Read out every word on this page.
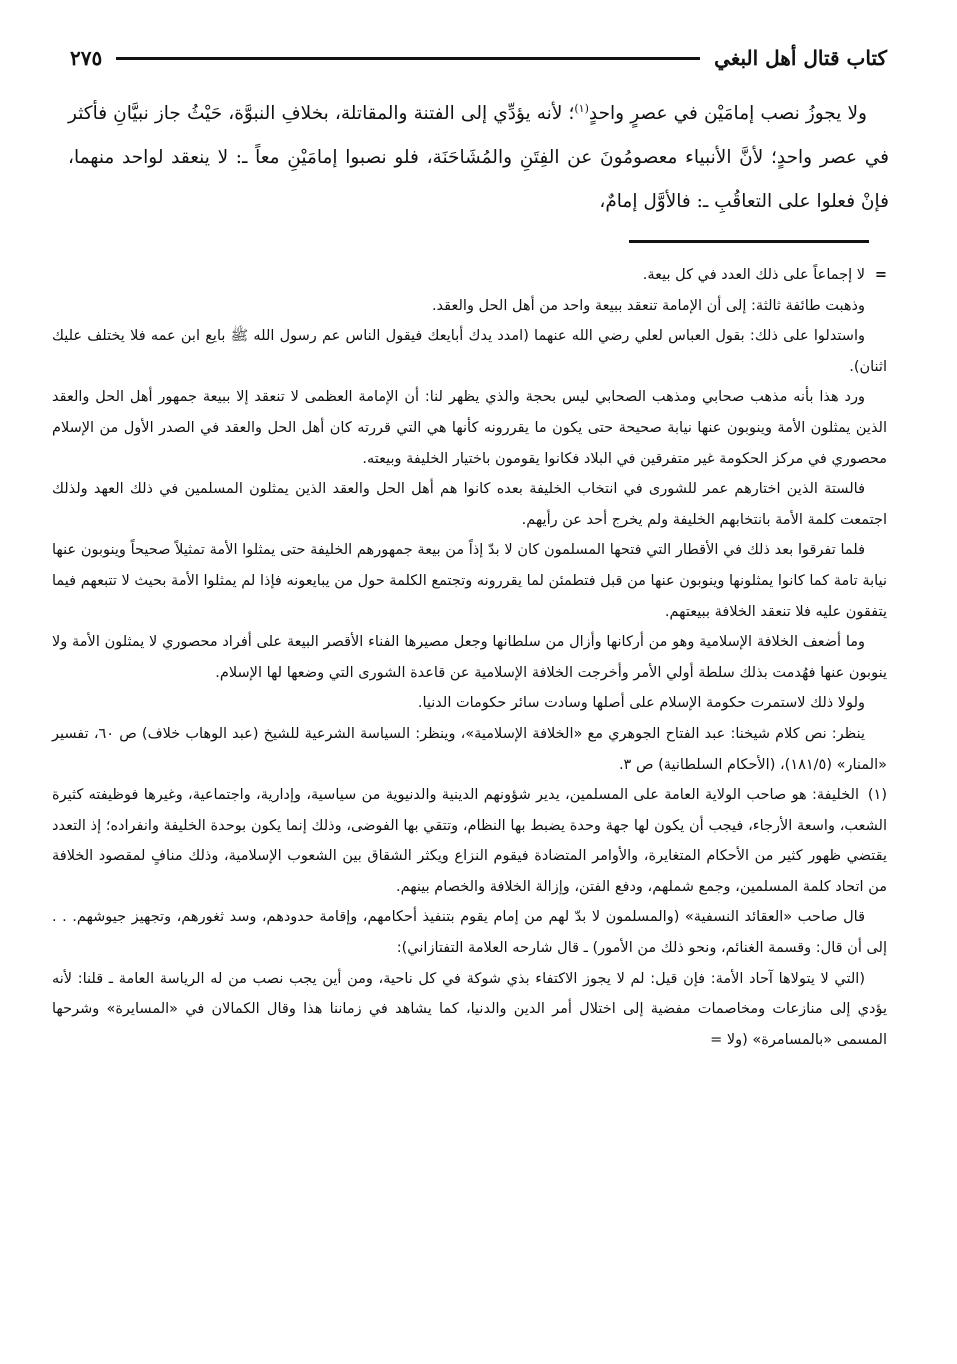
كتاب قتال أهل البغي
٢٧٥

ولا يجوزُ نصب إمامَيْن في عصرٍ واحدٍ$^{(١)}$؛ لأنه يؤدِّي إلى الفتنة والمقاتلة، بخلافِ النبوَّة، حَيْثُ جاز نبيَّانِ فأكثر في عصر واحدٍ؛ لأنَّ الأنبياء معصومُونَ عن الفِتَنِ والمُشَاحَنَة، فلو نصبوا إمامَيْنِ معاً ـ: لا ينعقد لواحد منهما، فإنْ فعلوا على التعاقُبِ ـ: فالأوَّل إمامٌ،

=لا إجماعاً على ذلك العدد في كل بيعة.

وذهبت طائفة ثالثة: إلى أن الإمامة تنعقد ببيعة واحد من أهل الحل والعقد.

واستدلوا على ذلك: بقول العباس لعلي رضي الله عنهما (امدد يدك أبايعك فيقول الناس عم رسول الله ﷺ بايع ابن عمه فلا يختلف عليك اثنان).

ورد هذا بأنه مذهب صحابي ومذهب الصحابي ليس بحجة والذي يظهر لنا: أن الإمامة العظمى لا تنعقد إلا ببيعة جمهور أهل الحل والعقد الذين يمثلون الأمة وينوبون عنها نيابة صحيحة حتى يكون ما يقررونه كأنها هي التي قررته كان أهل الحل والعقد في الصدر الأول من الإسلام محصوري في مركز الحكومة غير متفرقين في البلاد فكانوا يقومون باختيار الخليفة وبيعته.

فالستة الذين اختارهم عمر للشورى في انتخاب الخليفة بعده كانوا هم أهل الحل والعقد الذين يمثلون المسلمين في ذلك العهد ولذلك اجتمعت كلمة الأمة بانتخابهم الخليفة ولم يخرج أحد عن رأيهم.

فلما تفرقوا بعد ذلك في الأقطار التي فتحها المسلمون كان لا بدّ إذاً من بيعة جمهورهم الخليفة حتى يمثلوا الأمة تمثيلاً صحيحاً وينوبون عنها نيابة تامة كما كانوا يمثلونها وينوبون عنها من قبل فتطمئن لما يقررونه وتجتمع الكلمة حول من يبايعونه فإذا لم يمثلوا الأمة بحيث لا تتبعهم فيما يتفقون عليه فلا تنعقد الخلافة ببيعتهم.

وما أضعف الخلافة الإسلامية وهو من أركانها وأزال من سلطانها وجعل مصيرها الفناء الأقصر البيعة على أفراد محصوري لا يمثلون الأمة ولا ينوبون عنها فهُدمت بذلك سلطة أولي الأمر وأخرجت الخلافة الإسلامية عن قاعدة الشورى التي وضعها لها الإسلام.

ولولا ذلك لاستمرت حكومة الإسلام على أصلها وسادت سائر حكومات الدنيا.

ينظر: نص كلام شيخنا: عبد الفتاح الجوهري مع «الخلافة الإسلامية»، وينظر: السياسة الشرعية للشيخ (عبد الوهاب خلاف) ص ٦٠، تفسير «المنار» (١٨١/٥)، (الأحكام السلطانية) ص ٣.

(١)الخليفة: هو صاحب الولاية العامة على المسلمين، يدير شؤونهم الدينية والدنيوية من سياسية، وإدارية، واجتماعية، وغيرها فوظيفته كثيرة الشعب، واسعة الأرجاء، فيجب أن يكون لها جهة وحدة يضبط بها النظام، وتتقي بها الفوضى، وذلك إنما يكون بوحدة الخليفة وانفراده؛ إذ التعدد يقتضي ظهور كثير من الأحكام المتغايرة، والأوامر المتضادة فيقوم النزاع ويكثر الشقاق بين الشعوب الإسلامية، وذلك منافٍ لمقصود الخلافة من اتحاد كلمة المسلمين، وجمع شملهم، ودفع الفتن، وإزالة الخلافة والخصام بينهم.

قال صاحب «العقائد النسفية» (والمسلمون لا بدّ لهم من إمام يقوم بتنفيذ أحكامهم، وإقامة حدودهم، وسد ثغورهم، وتجهيز جيوشهم. . . إلى أن قال: وقسمة الغنائم، ونحو ذلك من الأمور) ـ قال شارحه العلامة التفتازاني):

(التي لا يتولاها آحاد الأمة: فإن قيل: لم لا يجوز الاكتفاء بذي شوكة في كل ناحية، ومن أين يجب نصب من له الرياسة العامة ـ قلنا: لأنه يؤدي إلى منازعات ومخاصمات مفضية إلى اختلال أمر الدين والدنيا، كما يشاهد في زماننا هذا وقال الكمالان في «المسايرة» وشرحها المسمى «بالمسامرة» (ولا =
